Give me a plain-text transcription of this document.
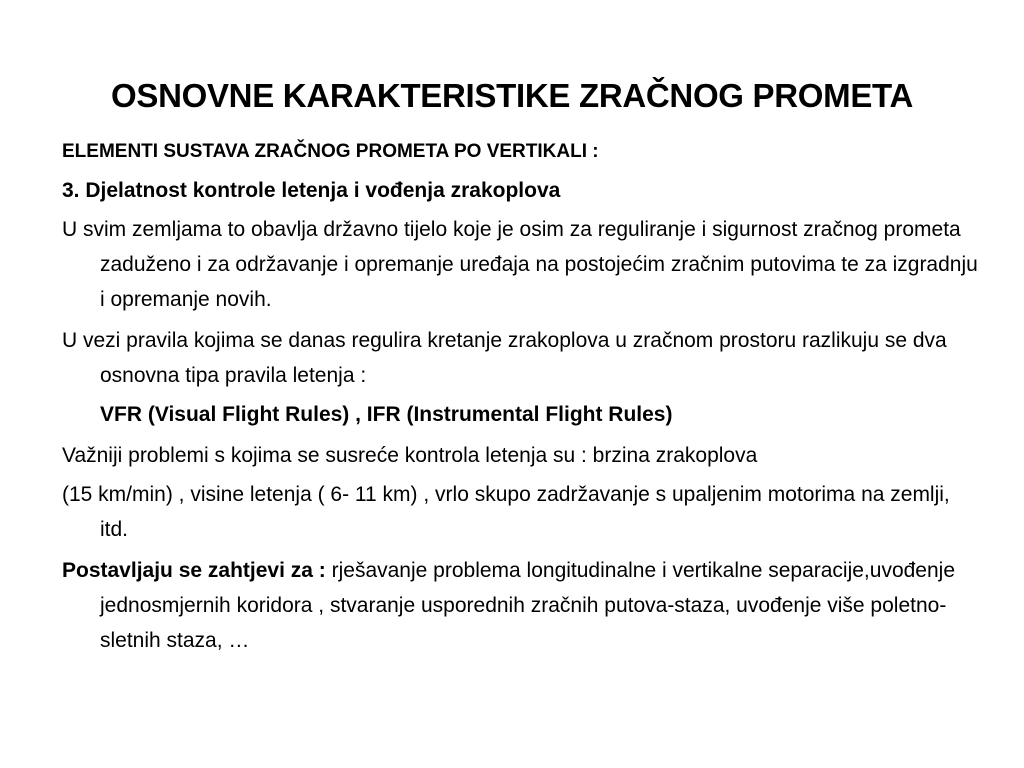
OSNOVNE KARAKTERISTIKE ZRAČNOG PROMETA

ELEMENTI SUSTAVA ZRAČNOG PROMETA PO VERTIKALI :

3. Djelatnost kontrole letenja i vođenja zrakoplova

U svim zemljama to obavlja državno tijelo koje je osim za reguliranje i sigurnost zračnog prometa zaduženo i za održavanje i opremanje uređaja na postojećim zračnim putovima te za izgradnju i opremanje novih.

U vezi pravila kojima se danas regulira kretanje zrakoplova u zračnom prostoru razlikuju se dva osnovna tipa pravila letenja :

VFR (Visual Flight Rules) , IFR (Instrumental Flight Rules)

Važniji problemi s kojima se susreće kontrola letenja su : brzina zrakoplova

(15 km/min) , visine letenja ( 6- 11 km) , vrlo skupo zadržavanje s upaljenim motorima na zemlji, itd.

Postavljaju se zahtjevi za : rješavanje problema longitudinalne i vertikalne separacije,uvođenje jednosmjernih koridora , stvaranje usporednih zračnih putova-staza, uvođenje više poletno-sletnih staza, …
